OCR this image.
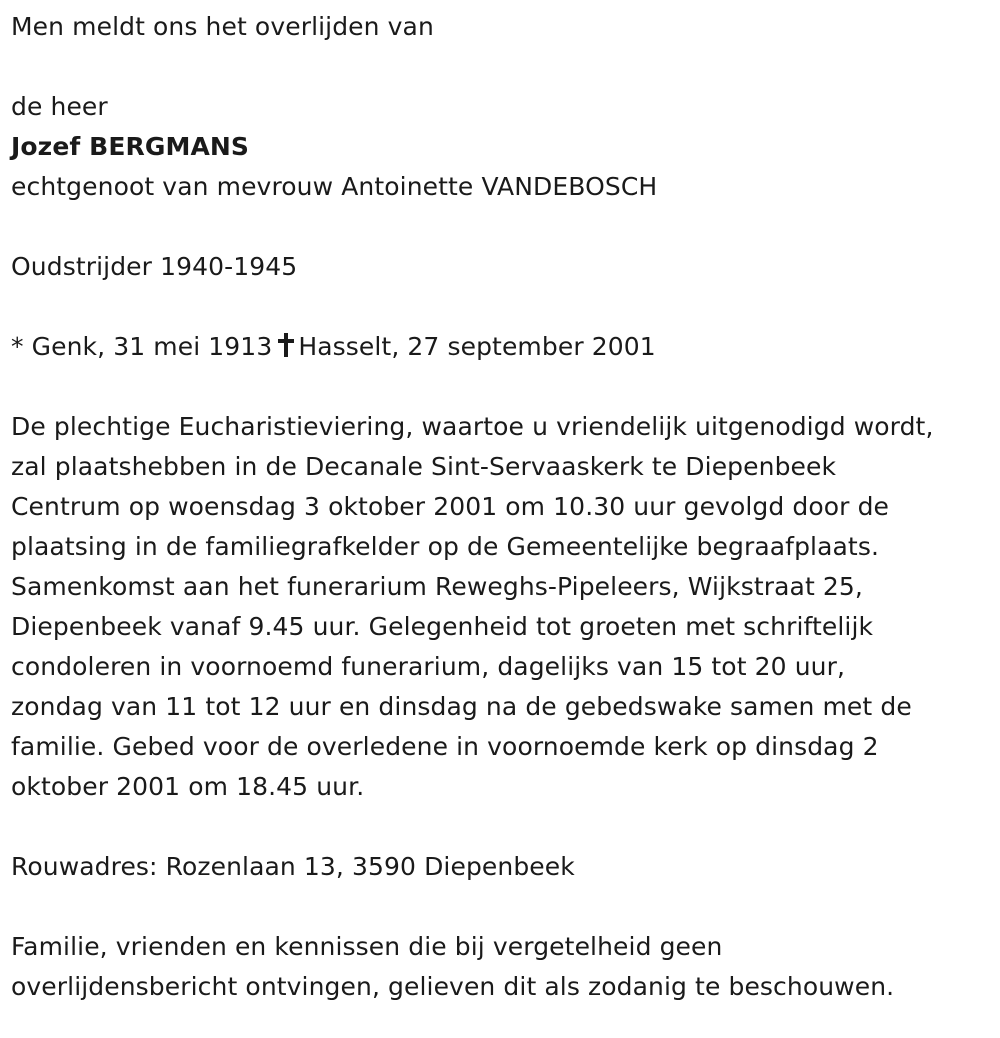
Men meldt ons het overlijden van
de heer
Jozef BERGMANS
echtgenoot van mevrouw Antoinette VANDEBOSCH
Oudstrijder 1940-1945
* Genk, 31 mei 1913 Hasselt, 27 september 2001
De plechtige Eucharistieviering, waartoe u vriendelijk uitgenodigd wordt,
zal plaatshebben in de Decanale Sint-Servaaskerk te Diepenbeek
Centrum op woensdag 3 oktober 2001 om 10.30 uur gevolgd door de
plaatsing in de familiegrafkelder op de Gemeentelijke begraafplaats.
Samenkomst aan het funerarium Reweghs-Pipeleers, Wijkstraat 25,
Diepenbeek vanaf 9.45 uur. Gelegenheid tot groeten met schriftelijk
condoleren in voornoemd funerarium, dagelijks van 15 tot 20 uur,
zondag van 11 tot 12 uur en dinsdag na de gebedswake samen met de
familie. Gebed voor de overledene in voornoemde kerk op dinsdag 2
oktober 2001 om 18.45 uur.
Rouwadres: Rozenlaan 13, 3590 Diepenbeek
Familie, vrienden en kennissen die bij vergetelheid geen
overlijdensbericht ontvingen, gelieven dit als zodanig te beschouwen.
